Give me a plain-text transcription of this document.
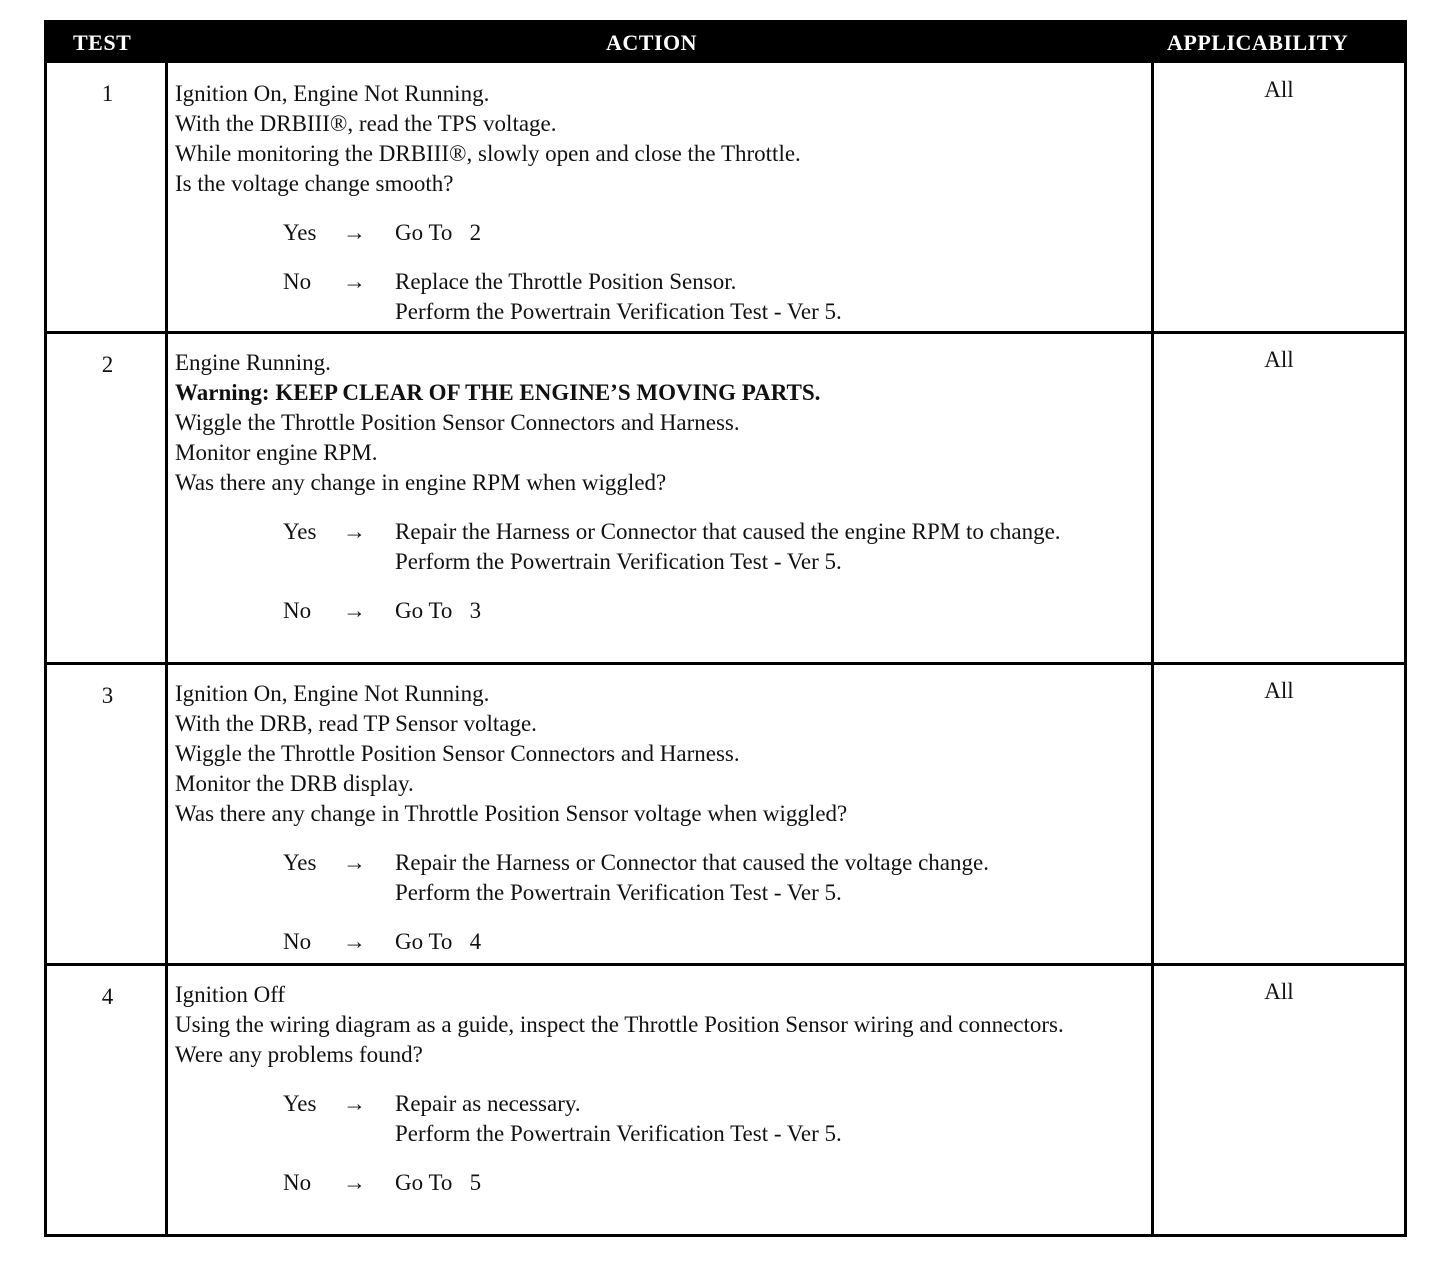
TEST	ACTION	APPLICABILITY
1	Ignition On, Engine Not Running.
With the DRBIII®, read the TPS voltage.
While monitoring the DRBIII®, slowly open and close the Throttle.
Is the voltage change smooth?
Yes	→	Go To   2
No	→	Replace the Throttle Position Sensor.
Perform the Powertrain Verification Test - Ver 5.
All
2	Engine Running.
Warning: KEEP CLEAR OF THE ENGINE’S MOVING PARTS.
Wiggle the Throttle Position Sensor Connectors and Harness.
Monitor engine RPM.
Was there any change in engine RPM when wiggled?
Yes	→	Repair the Harness or Connector that caused the engine RPM to change.
Perform the Powertrain Verification Test - Ver 5.
No	→	Go To   3
All
3	Ignition On, Engine Not Running.
With the DRB, read TP Sensor voltage.
Wiggle the Throttle Position Sensor Connectors and Harness.
Monitor the DRB display.
Was there any change in Throttle Position Sensor voltage when wiggled?
Yes	→	Repair the Harness or Connector that caused the voltage change.
Perform the Powertrain Verification Test - Ver 5.
No	→	Go To   4
All
4	Ignition Off
Using the wiring diagram as a guide, inspect the Throttle Position Sensor wiring and connectors.
Were any problems found?
Yes	→	Repair as necessary.
Perform the Powertrain Verification Test - Ver 5.
No	→	Go To   5
All
